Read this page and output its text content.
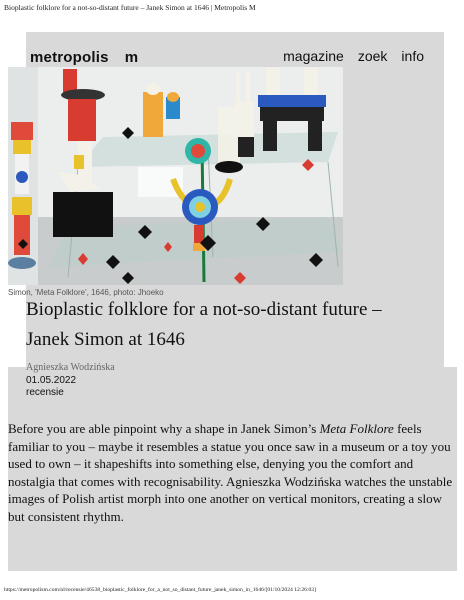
Bioplastic folklore for a not-so-distant future – Janek Simon at 1646 | Metropolis M
metropolis m	magazine zoek info
Simon, 'Meta Folklore', 1646, photo: Jhoeko
Bioplastic folklore for a not-so-distant future – Janek Simon at 1646
Agnieszka Wodzińska
01.05.2022
recensie

Before you are able pinpoint why a shape in Janek Simon’s Meta Folklore feels familiar to you – maybe it resembles a statue you once saw in a museum or a toy you used to own – it shapeshifts into something else, denying you the comfort and nostalgia that comes with recognisability. Agnieszka Wodzińska watches the unstable images of Polish artist morph into one another on vertical monitors, creating a slow but consistent rhythm.

https://metropolism.com/nl/recensie/46538_bioplastic_folklore_for_a_not_so_distant_future_janek_simon_in_1646/[01/10/2024 12:26:03]
